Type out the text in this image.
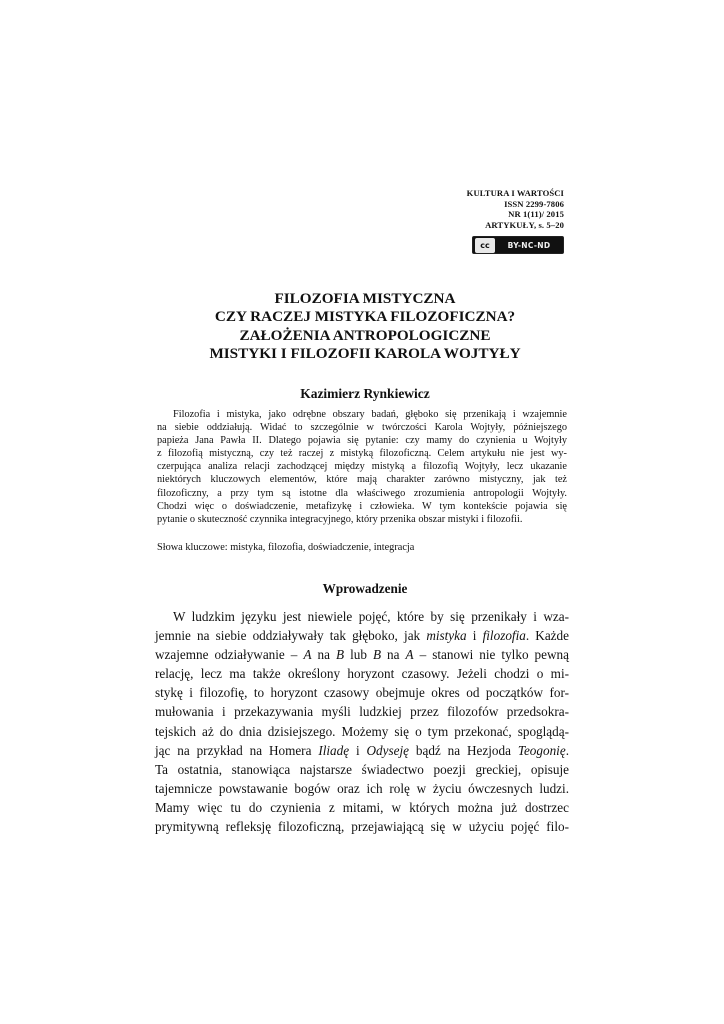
KULTURA I WARTOŚCI
ISSN 2299-7806
NR 1(11)/ 2015
ARTYKUŁY, s. 5–20
cc	BY-NC-ND
FILOZOFIA MISTYCZNA
CZY RACZEJ MISTYKA FILOZOFICZNA?
ZAŁOŻENIA ANTROPOLOGICZNE
MISTYKI I FILOZOFII KAROLA WOJTYŁY
Kazimierz Rynkiewicz
Filozofia i mistyka, jako odrębne obszary badań, głęboko się przenikają i wzajemnie
na siebie oddziałują. Widać to szczególnie w twórczości Karola Wojtyły, późniejszego
papieża Jana Pawła II. Dlatego pojawia się pytanie: czy mamy do czynienia u Wojtyły
z filozofią mistyczną, czy też raczej z mistyką filozoficzną. Celem artykułu nie jest wy-
czerpująca analiza relacji zachodzącej między mistyką a filozofią Wojtyły, lecz ukazanie
niektórych kluczowych elementów, które mają charakter zarówno mistyczny, jak też
filozoficzny, a przy tym są istotne dla właściwego zrozumienia antropologii Wojtyły.
Chodzi więc o doświadczenie, metafizykę i człowieka. W tym kontekście pojawia się
pytanie o skuteczność czynnika integracyjnego, który przenika obszar mistyki i filozofii.
Słowa kluczowe: mistyka, filozofia, doświadczenie, integracja
Wprowadzenie
W ludzkim języku jest niewiele pojęć, które by się przenikały i wza-
jemnie na siebie oddziaływały tak głęboko, jak mistyka i filozofia. Każde
wzajemne odziaływanie – A na B lub B na A – stanowi nie tylko pewną
relację, lecz ma także określony horyzont czasowy. Jeżeli chodzi o mi-
stykę i filozofię, to horyzont czasowy obejmuje okres od początków for-
mułowania i przekazywania myśli ludzkiej przez filozofów przedsokra-
tejskich aż do dnia dzisiejszego. Możemy się o tym przekonać, spoglądą-
jąc na przykład na Homera Iliadę i Odyseję bądź na Hezjoda Teogonię.
Ta ostatnia, stanowiąca najstarsze świadectwo poezji greckiej, opisuje
tajemnicze powstawanie bogów oraz ich rolę w życiu ówczesnych ludzi.
Mamy więc tu do czynienia z mitami, w których można już dostrzec
prymitywną refleksję filozoficzną, przejawiającą się w użyciu pojęć filo-
